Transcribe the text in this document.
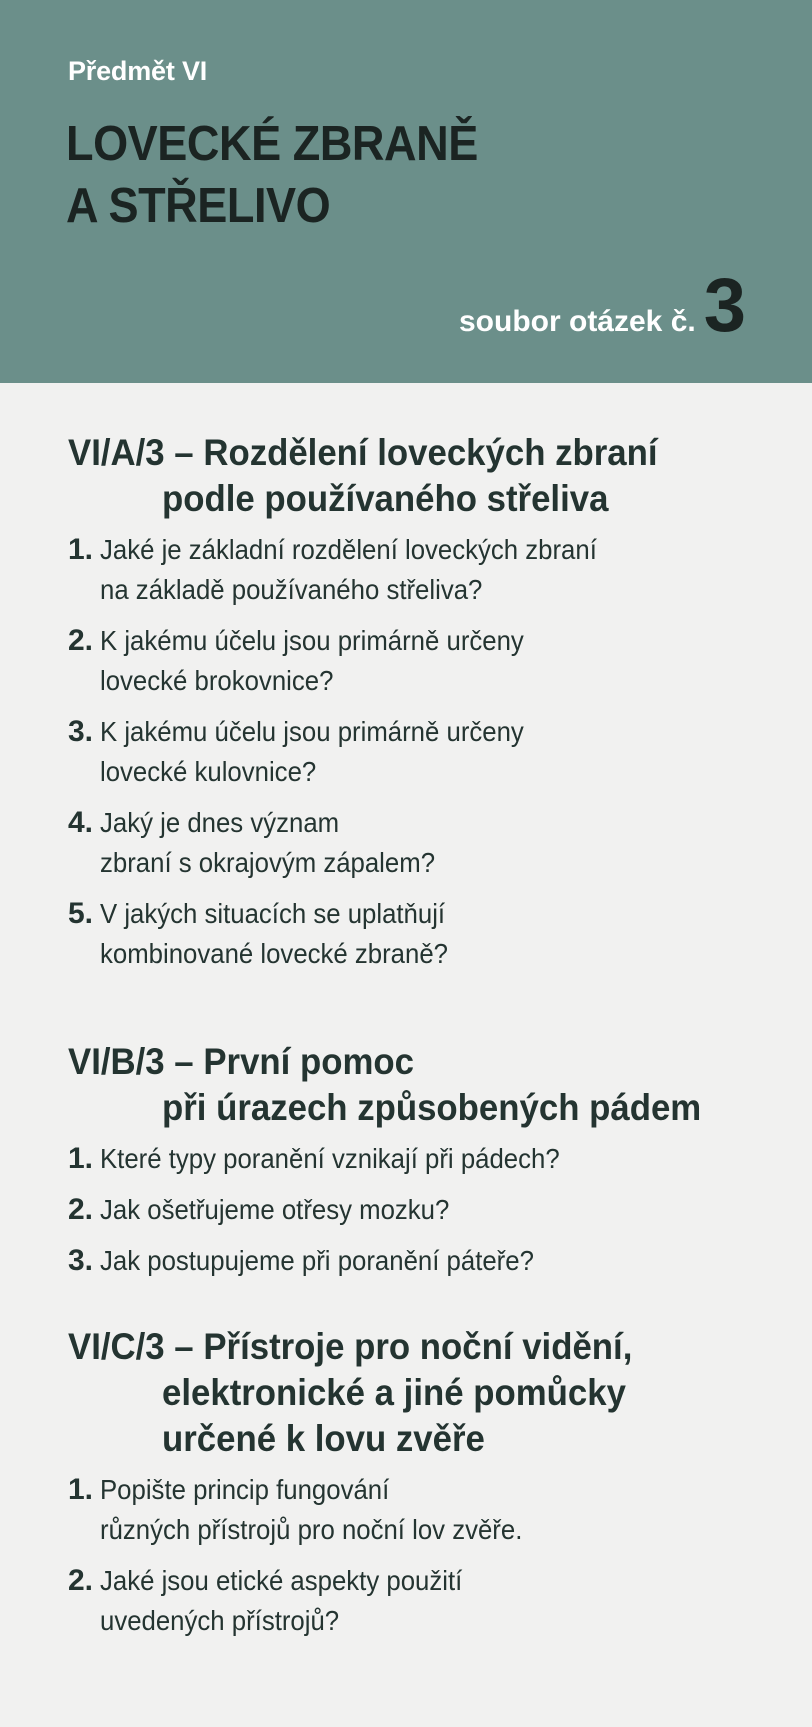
Předmět VI
LOVECKÉ ZBRANĚ
A STŘELIVO
soubor otázek č. 3
VI/A/3 – Rozdělení loveckých zbraní
podle používaného střeliva
1. Jaké je základní rozdělení loveckých zbraní
na základě používaného střeliva?
2. K jakému účelu jsou primárně určeny
lovecké brokovnice?
3. K jakému účelu jsou primárně určeny
lovecké kulovnice?
4. Jaký je dnes význam
zbraní s okrajovým zápalem?
5. V jakých situacích se uplatňují
kombinované lovecké zbraně?
VI/B/3 – První pomoc
při úrazech způsobených pádem
1. Které typy poranění vznikají při pádech?
2. Jak ošetřujeme otřesy mozku?
3. Jak postupujeme při poranění páteře?
VI/C/3 – Přístroje pro noční vidění,
elektronické a jiné pomůcky
určené k lovu zvěře
1. Popište princip fungování
různých přístrojů pro noční lov zvěře.
2. Jaké jsou etické aspekty použití
uvedených přístrojů?
